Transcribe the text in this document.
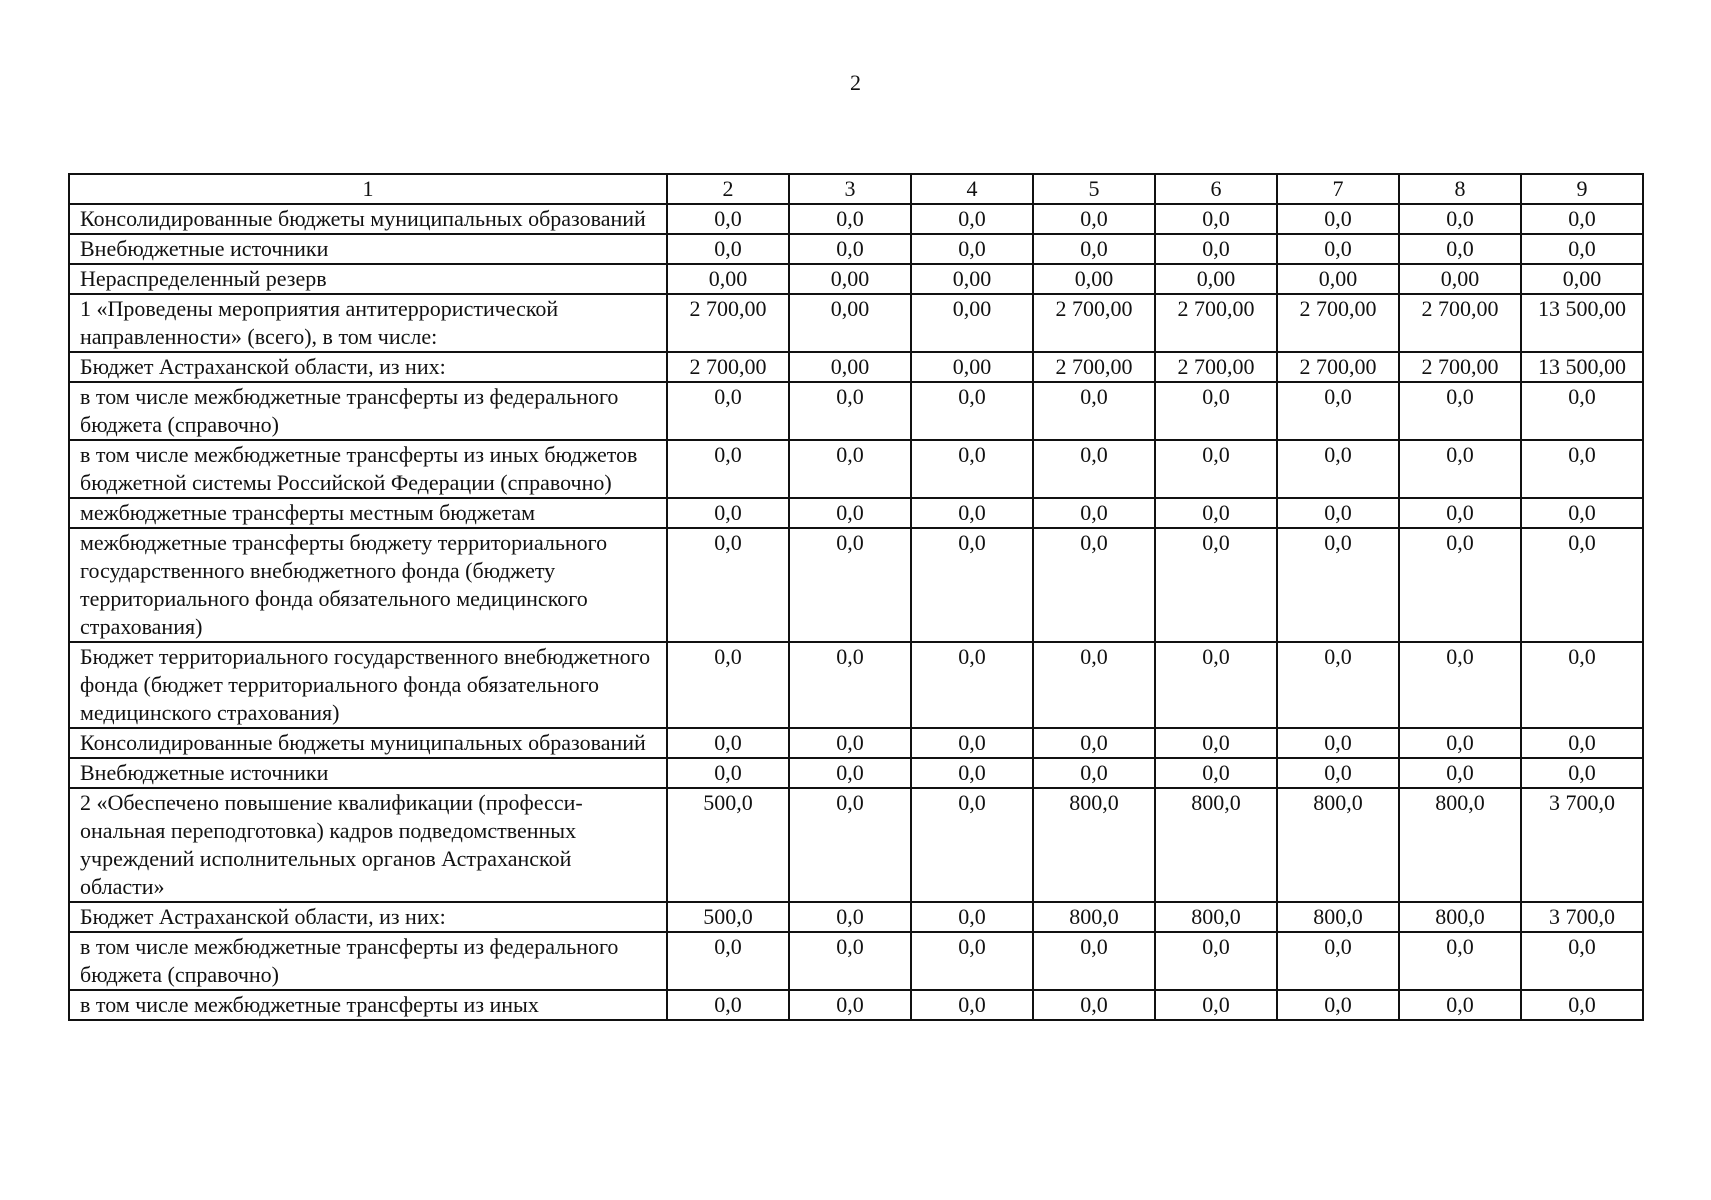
2
1	2	3	4	5	6	7	8	9
Консолидированные бюджеты муниципальных образований	0,0	0,0	0,0	0,0	0,0	0,0	0,0	0,0
Внебюджетные источники	0,0	0,0	0,0	0,0	0,0	0,0	0,0	0,0
Нераспределенный резерв	0,00	0,00	0,00	0,00	0,00	0,00	0,00	0,00
1 «Проведены мероприятия антитеррористической направленности» (всего), в том числе:	2 700,00	0,00	0,00	2 700,00	2 700,00	2 700,00	2 700,00	13 500,00
Бюджет Астраханской области, из них:	2 700,00	0,00	0,00	2 700,00	2 700,00	2 700,00	2 700,00	13 500,00
в том числе межбюджетные трансферты из федерального бюджета (справочно)	0,0	0,0	0,0	0,0	0,0	0,0	0,0	0,0
в том числе межбюджетные трансферты из иных бюджетов бюджетной системы Российской Федерации (справочно)	0,0	0,0	0,0	0,0	0,0	0,0	0,0	0,0
межбюджетные трансферты местным бюджетам	0,0	0,0	0,0	0,0	0,0	0,0	0,0	0,0
межбюджетные трансферты бюджету территориального государственного внебюджетного фонда (бюджету территориального фонда обязательного медицинского страхования)	0,0	0,0	0,0	0,0	0,0	0,0	0,0	0,0
Бюджет территориального государственного внебюджетного фонда (бюджет территориального фонда обязательного медицинского страхования)	0,0	0,0	0,0	0,0	0,0	0,0	0,0	0,0
Консолидированные бюджеты муниципальных образований	0,0	0,0	0,0	0,0	0,0	0,0	0,0	0,0
Внебюджетные источники	0,0	0,0	0,0	0,0	0,0	0,0	0,0	0,0
2 «Обеспечено повышение квалификации (профессиональная переподготовка) кадров подведомственных учреждений исполнительных органов Астраханской области»	500,0	0,0	0,0	800,0	800,0	800,0	800,0	3 700,0
Бюджет Астраханской области, из них:	500,0	0,0	0,0	800,0	800,0	800,0	800,0	3 700,0
в том числе межбюджетные трансферты из федерального бюджета (справочно)	0,0	0,0	0,0	0,0	0,0	0,0	0,0	0,0
в том числе межбюджетные трансферты из иных	0,0	0,0	0,0	0,0	0,0	0,0	0,0	0,0
